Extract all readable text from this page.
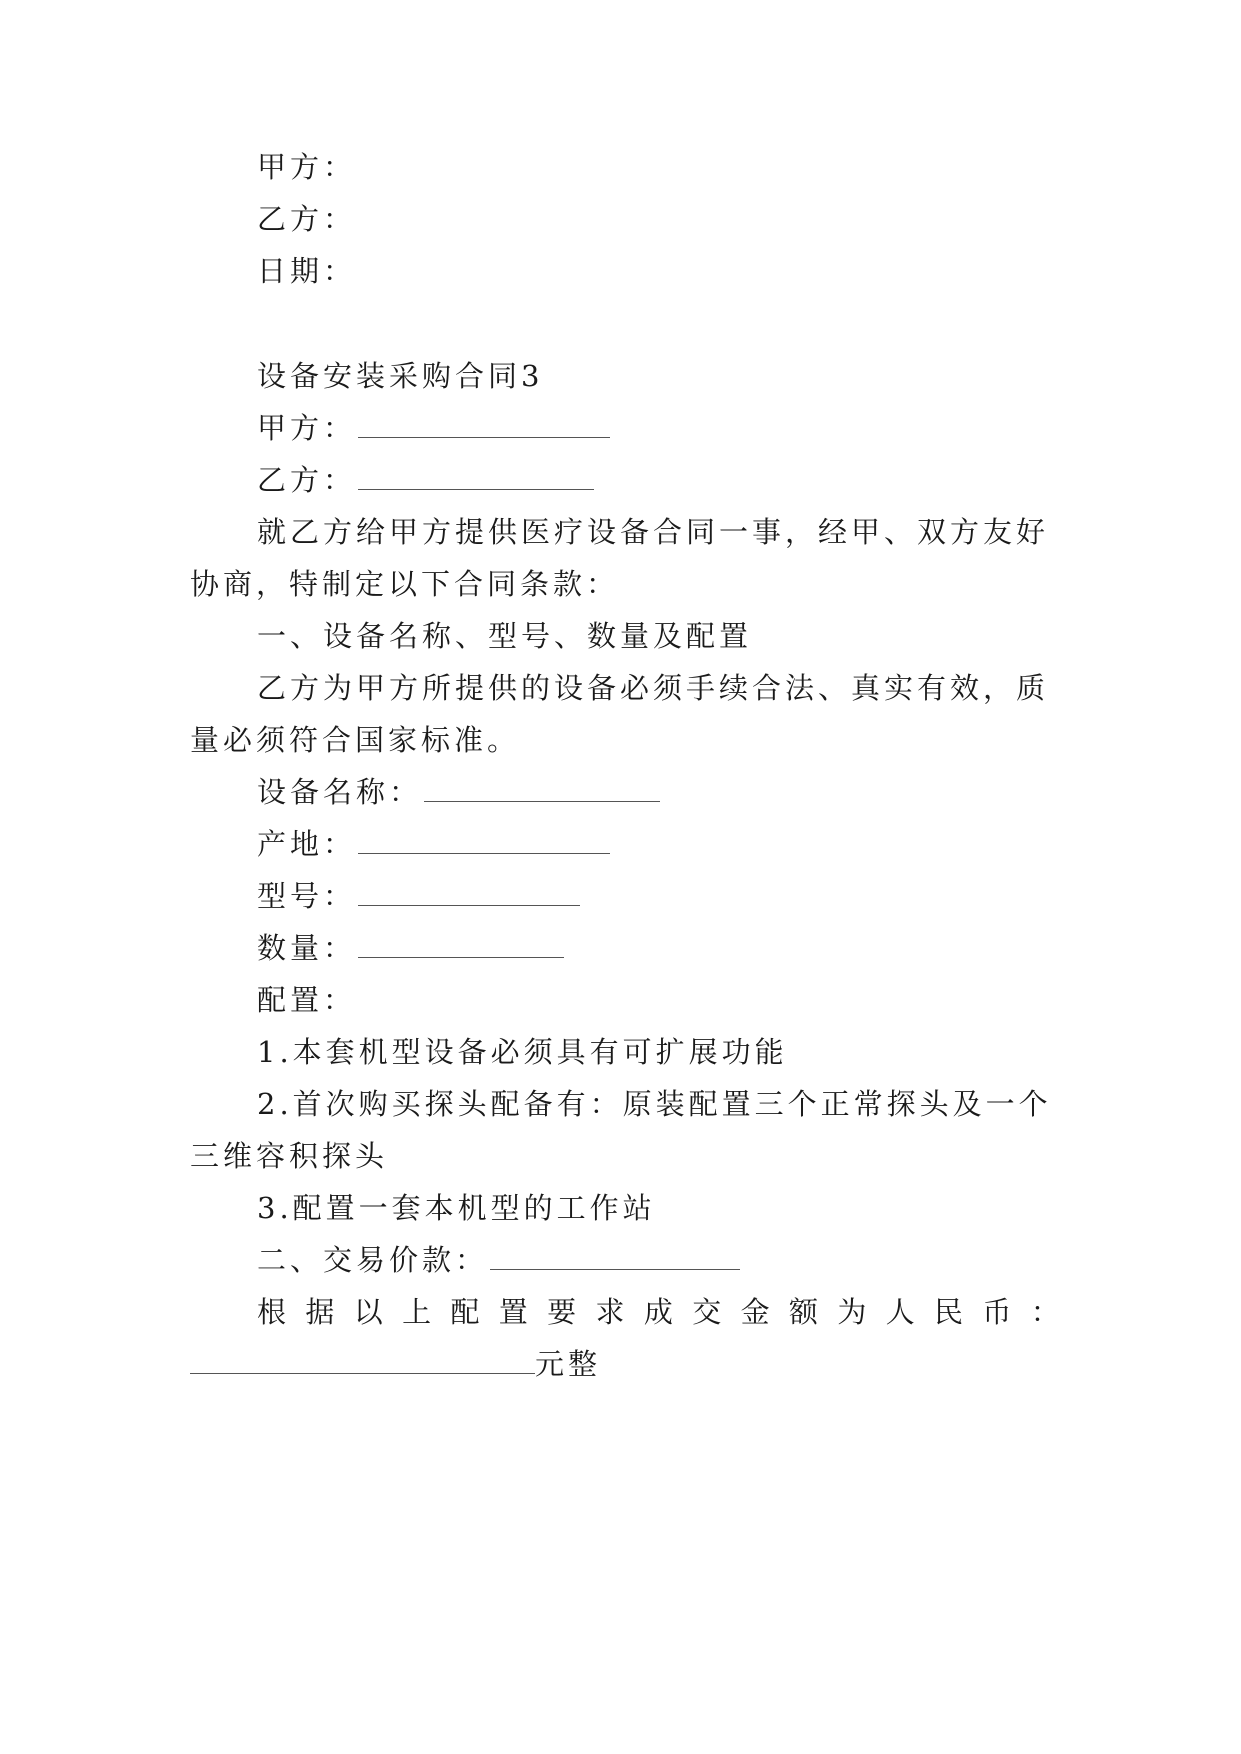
甲方：
乙方：
日期：
设备安装采购合同3
甲方：
乙方：
就乙方给甲方提供医疗设备合同一事，经甲、双方友好
协商，特制定以下合同条款：
一、设备名称、型号、数量及配置
乙方为甲方所提供的设备必须手续合法、真实有效，质
量必须符合国家标准。
设备名称：
产地：
型号：
数量：
配置：
1.本套机型设备必须具有可扩展功能
2.首次购买探头配备有：原装配置三个正常探头及一个
三维容积探头
3.配置一套本机型的工作站
二、交易价款：
根 据 以 上 配 置 要 求 成 交 金 额 为 人 民 币 ：
元整
